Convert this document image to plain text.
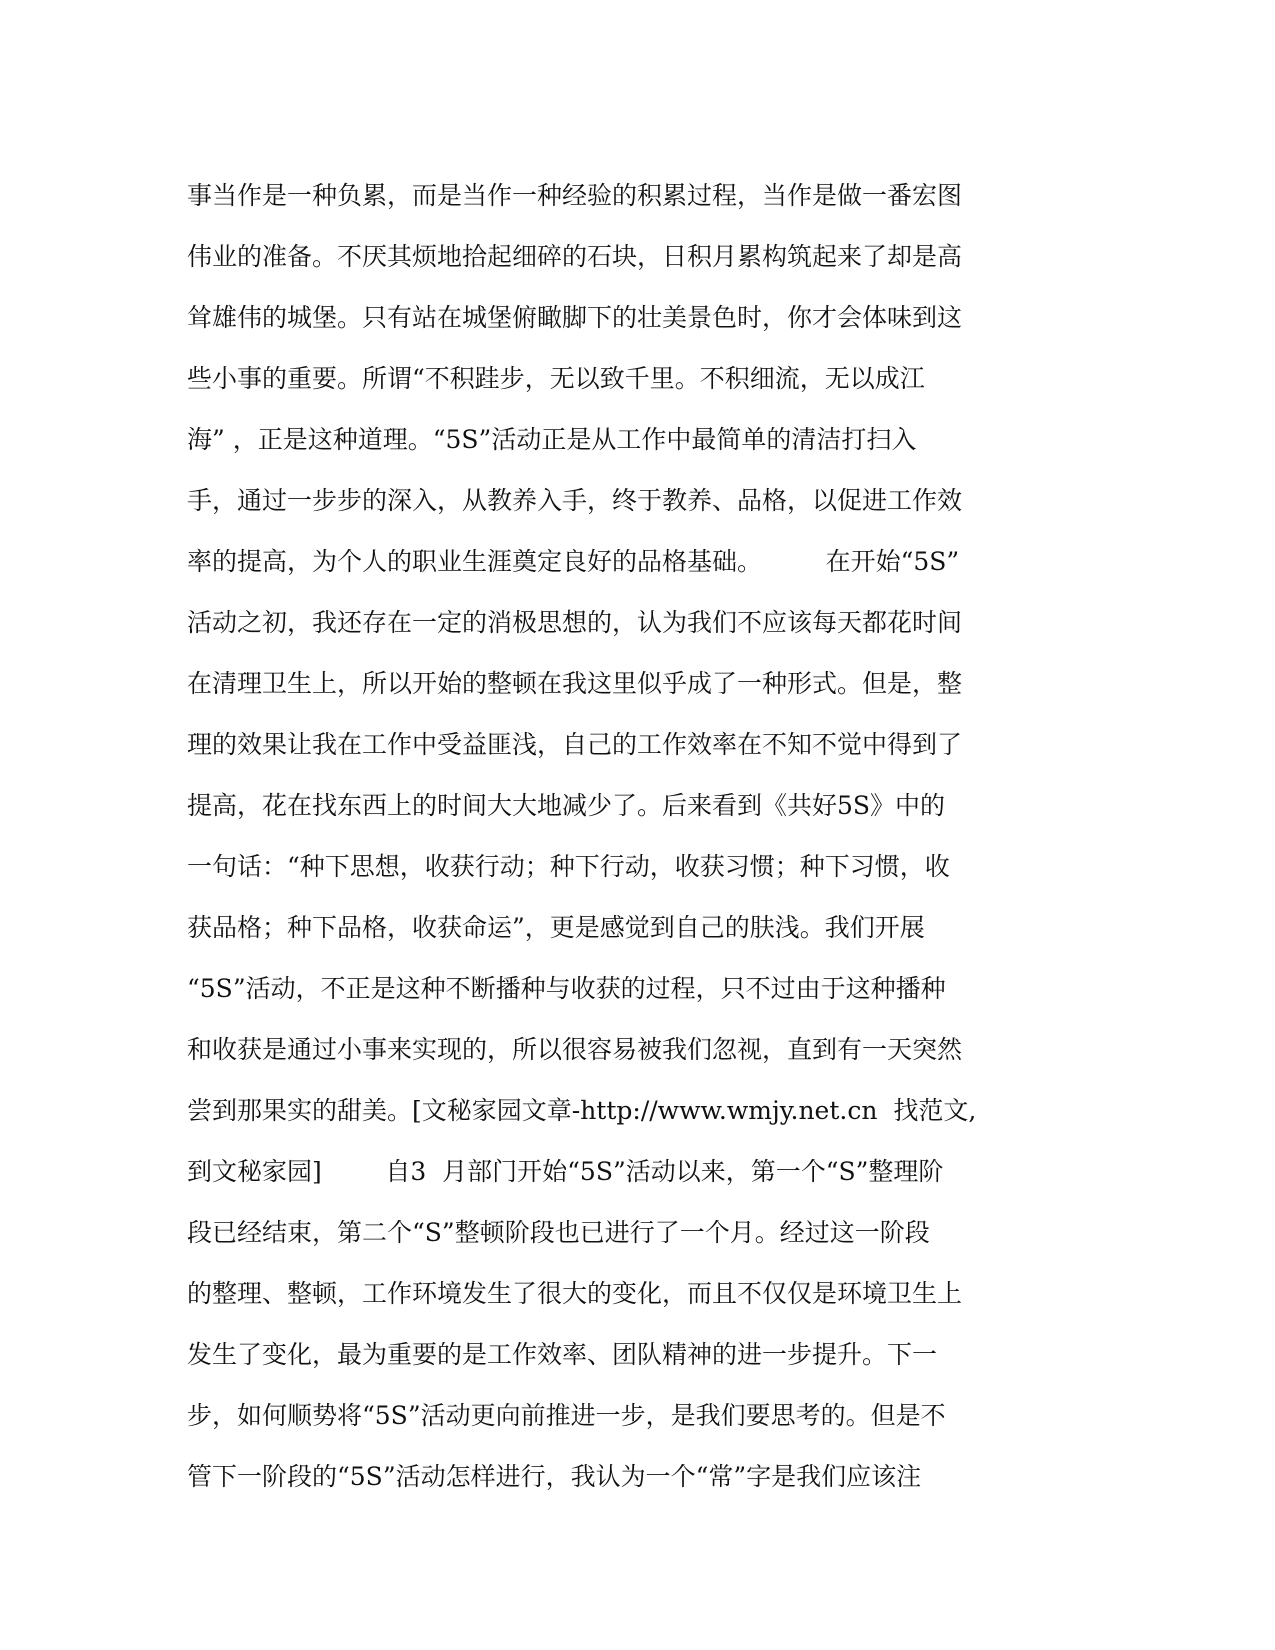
事当作是一种负累，而是当作一种经验的积累过程，当作是做一番宏图
伟业的准备。不厌其烦地拾起细碎的石块，日积月累构筑起来了却是高
耸雄伟的城堡。只有站在城堡俯瞰脚下的壮美景色时，你才会体味到这
些小事的重要。所谓“不积跬步，无以致千里。不积细流，无以成江
海” ，正是这种道理。“5S”活动正是从工作中最简单的清洁打扫入
手，通过一步步的深入，从教养入手，终于教养、品格，以促进工作效
率的提高，为个人的职业生涯奠定良好的品格基础。        在开始“5S”
活动之初，我还存在一定的消极思想的，认为我们不应该每天都花时间
在清理卫生上，所以开始的整顿在我这里似乎成了一种形式。但是，整
理的效果让我在工作中受益匪浅，自己的工作效率在不知不觉中得到了
提高，花在找东西上的时间大大地减少了。后来看到《共好5S》中的
一句话：“种下思想，收获行动；种下行动，收获习惯；种下习惯，收
获品格；种下品格，收获命运”，更是感觉到自己的肤浅。我们开展
“5S”活动，不正是这种不断播种与收获的过程，只不过由于这种播种
和收获是通过小事来实现的，所以很容易被我们忽视，直到有一天突然
尝到那果实的甜美。[文秘家园文章-http://www.wmjy.net.cn  找范文,
到文秘家园]        自3  月部门开始“5S”活动以来，第一个“S”整理阶
段已经结束，第二个“S”整顿阶段也已进行了一个月。经过这一阶段
的整理、整顿，工作环境发生了很大的变化，而且不仅仅是环境卫生上
发生了变化，最为重要的是工作效率、团队精神的进一步提升。下一
步，如何顺势将“5S”活动更向前推进一步，是我们要思考的。但是不
管下一阶段的“5S”活动怎样进行，我认为一个“常”字是我们应该注
